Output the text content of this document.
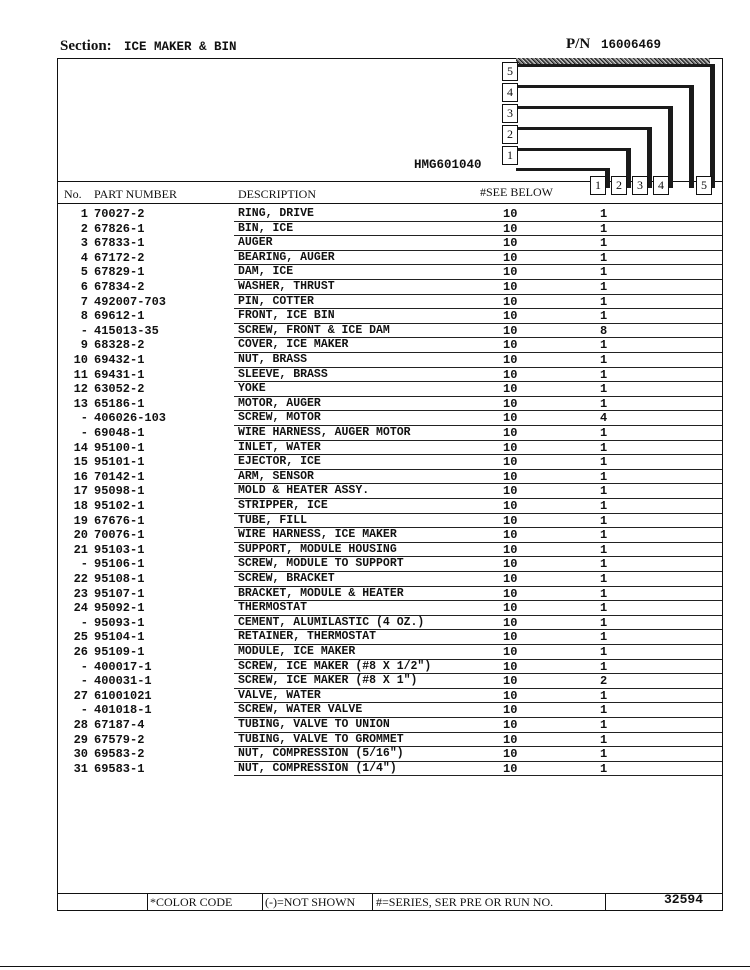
Section: ICE MAKER & BIN	P/N 16006469
HMG601040
5
4
3
2
1
1	2	3	4	5
No. PART NUMBER	DESCRIPTION	#SEE BELOW
1 70027-2	RING, DRIVE	10	1
2 67826-1	BIN, ICE	10	1
3 67833-1	AUGER	10	1
4 67172-2	BEARING, AUGER	10	1
5 67829-1	DAM, ICE	10	1
6 67834-2	WASHER, THRUST	10	1
7 492007-703	PIN, COTTER	10	1
8 69612-1	FRONT, ICE BIN	10	1
- 415013-35	SCREW, FRONT & ICE DAM	10	8
9 68328-2	COVER, ICE MAKER	10	1
10 69432-1	NUT, BRASS	10	1
11 69431-1	SLEEVE, BRASS	10	1
12 63052-2	YOKE	10	1
13 65186-1	MOTOR, AUGER	10	1
- 406026-103	SCREW, MOTOR	10	4
- 69048-1	WIRE HARNESS, AUGER MOTOR	10	1
14 95100-1	INLET, WATER	10	1
15 95101-1	EJECTOR, ICE	10	1
16 70142-1	ARM, SENSOR	10	1
17 95098-1	MOLD & HEATER ASSY.	10	1
18 95102-1	STRIPPER, ICE	10	1
19 67676-1	TUBE, FILL	10	1
20 70076-1	WIRE HARNESS, ICE MAKER	10	1
21 95103-1	SUPPORT, MODULE HOUSING	10	1
- 95106-1	SCREW, MODULE TO SUPPORT	10	1
22 95108-1	SCREW, BRACKET	10	1
23 95107-1	BRACKET, MODULE & HEATER	10	1
24 95092-1	THERMOSTAT	10	1
- 95093-1	CEMENT, ALUMILASTIC (4 OZ.)	10	1
25 95104-1	RETAINER, THERMOSTAT	10	1
26 95109-1	MODULE, ICE MAKER	10	1
- 400017-1	SCREW, ICE MAKER (#8 X 1/2")	10	1
- 400031-1	SCREW, ICE MAKER (#8 X 1")	10	2
27 61001021	VALVE, WATER	10	1
- 401018-1	SCREW, WATER VALVE	10	1
28 67187-4	TUBING, VALVE TO UNION	10	1
29 67579-2	TUBING, VALVE TO GROMMET	10	1
30 69583-2	NUT, COMPRESSION (5/16")	10	1
31 69583-1	NUT, COMPRESSION (1/4")	10	1
*COLOR CODE	(-)=NOT SHOWN #=SERIES, SER PRE OR RUN NO.	32594
